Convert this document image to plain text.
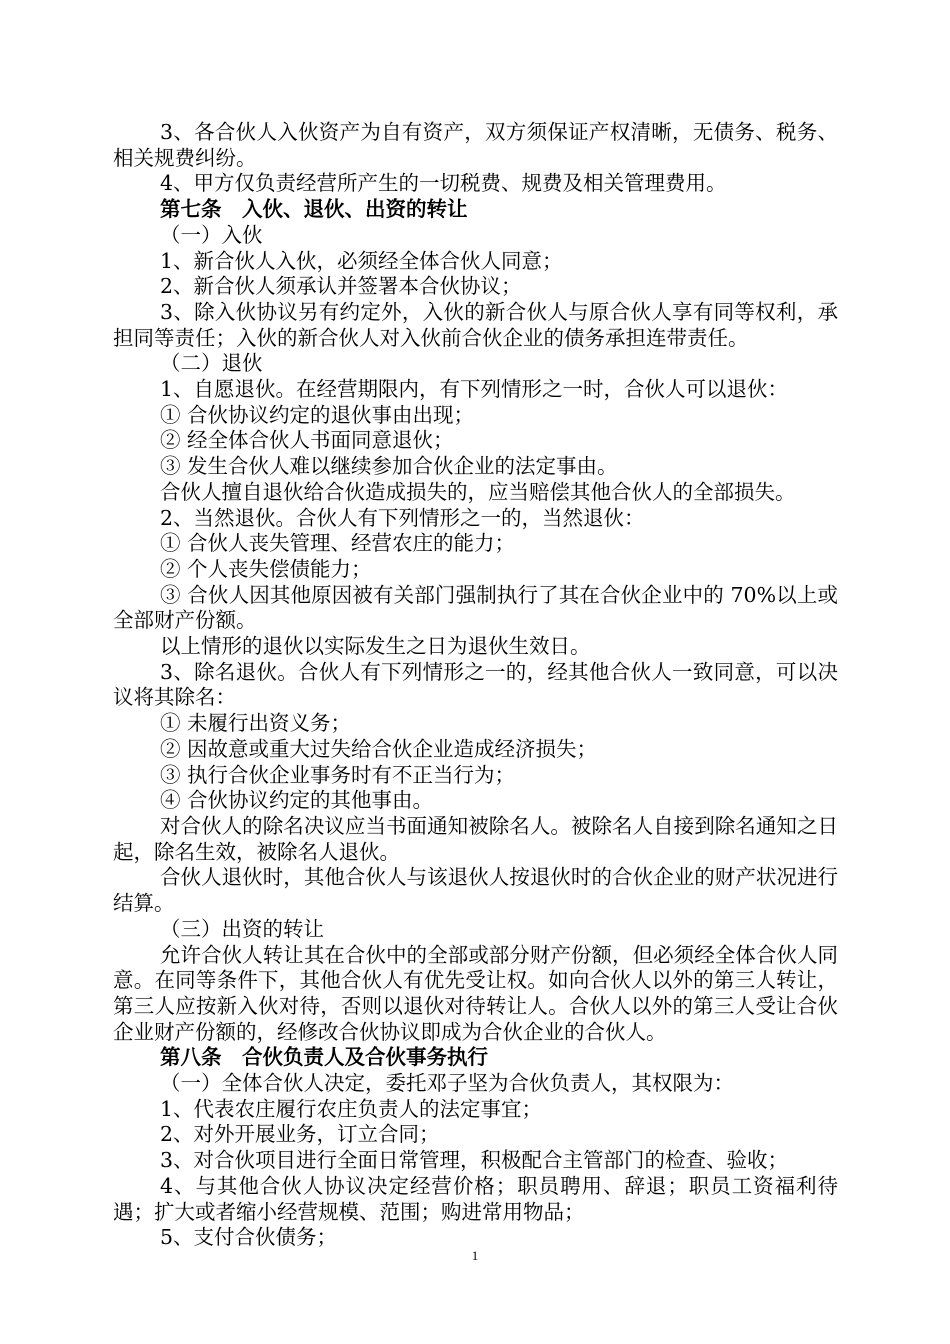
3、各合伙人入伙资产为自有资产，双方须保证产权清晰，无债务、税务、相关规费纠纷。

4、甲方仅负责经营所产生的一切税费、规费及相关管理费用。

第七条　入伙、退伙、出资的转让

（一）入伙

1、新合伙人入伙，必须经全体合伙人同意；

2、新合伙人须承认并签署本合伙协议；

3、除入伙协议另有约定外，入伙的新合伙人与原合伙人享有同等权利，承担同等责任；入伙的新合伙人对入伙前合伙企业的债务承担连带责任。

（二）退伙

1、自愿退伙。在经营期限内，有下列情形之一时，合伙人可以退伙：

① 合伙协议约定的退伙事由出现；

② 经全体合伙人书面同意退伙；

③ 发生合伙人难以继续参加合伙企业的法定事由。

合伙人擅自退伙给合伙造成损失的，应当赔偿其他合伙人的全部损失。

2、当然退伙。合伙人有下列情形之一的，当然退伙：

① 合伙人丧失管理、经营农庄的能力；

② 个人丧失偿债能力；

③ 合伙人因其他原因被有关部门强制执行了其在合伙企业中的 70%以上或全部财产份额。

以上情形的退伙以实际发生之日为退伙生效日。

3、除名退伙。合伙人有下列情形之一的，经其他合伙人一致同意，可以决议将其除名：

① 未履行出资义务；

② 因故意或重大过失给合伙企业造成经济损失；

③ 执行合伙企业事务时有不正当行为；

④ 合伙协议约定的其他事由。

对合伙人的除名决议应当书面通知被除名人。被除名人自接到除名通知之日起，除名生效，被除名人退伙。

合伙人退伙时，其他合伙人与该退伙人按退伙时的合伙企业的财产状况进行结算。

（三）出资的转让

允许合伙人转让其在合伙中的全部或部分财产份额，但必须经全体合伙人同意。在同等条件下，其他合伙人有优先受让权。如向合伙人以外的第三人转让，第三人应按新入伙对待，否则以退伙对待转让人。合伙人以外的第三人受让合伙企业财产份额的，经修改合伙协议即成为合伙企业的合伙人。

第八条　合伙负责人及合伙事务执行

（一）全体合伙人决定，委托邓子坚为合伙负责人，其权限为：

1、代表农庄履行农庄负责人的法定事宜；

2、对外开展业务，订立合同；

3、对合伙项目进行全面日常管理，积极配合主管部门的检查、验收；

4、与其他合伙人协议决定经营价格；职员聘用、辞退；职员工资福利待遇；扩大或者缩小经营规模、范围；购进常用物品；

5、支付合伙债务；

1
